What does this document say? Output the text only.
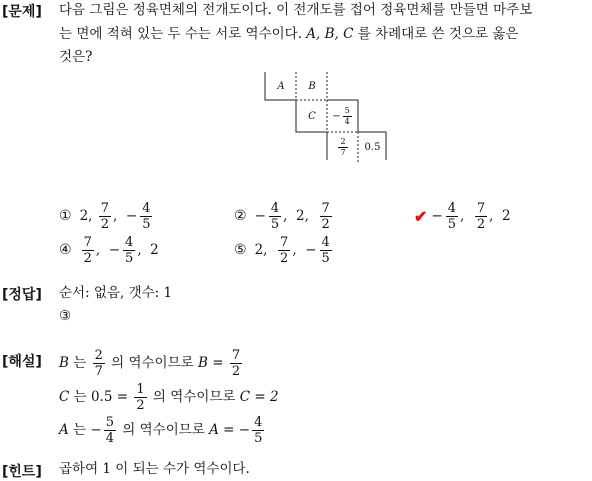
[문제] 다음 그림은 정육면체의 전개도이다. 이 전개도를 접어 정육면체를 만들면 마주보
는 면에 적혀 있는 두 수는 서로 역수이다. A, B, C 를 차례대로 쓴 것으로 옳은
것은?
A B
$C - \frac{5}{4}$
$\frac{2}{7}$	0.5
① 2, $\frac{7}{2}$ , − $\frac{4}{5}$	② − $\frac{4}{5}$ ,  2, $\frac{7}{2}$	✔ − $\frac{4}{5}$ , $\frac{7}{2}$ ,  2
④ $\frac{7}{2}$ , − $\frac{4}{5}$ ,  2	⑤ 2, $\frac{7}{2}$ , − $\frac{4}{5}$
[정답] 순서: 없음, 갯수: 1
③
[해설] B
는
$\frac{2}{7}$
의 역수이므로
B =
$\frac{7}{2}$
C
는 0.5 =
$\frac{1}{2}$
의 역수이므로
C = 2
A
는 − $\frac{5}{4}$
의 역수이므로
A = − $\frac{4}{5}$
[힌트] 곱하여 1 이 되는 수가 역수이다.
